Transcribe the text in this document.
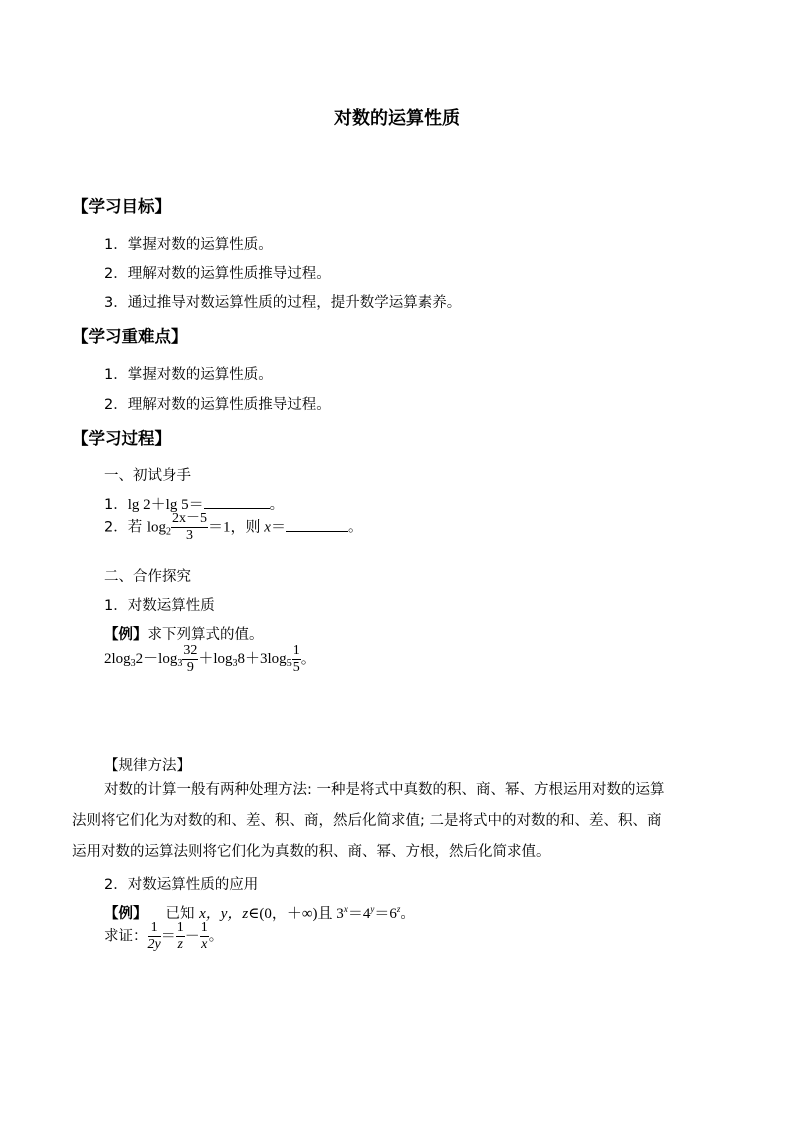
对数的运算性质
【学习目标】
1．掌握对数的运算性质。
2．理解对数的运算性质推导过程。
3．通过推导对数运算性质的过程，提升数学运算素养。
【学习重难点】
1．掌握对数的运算性质。
2．理解对数的运算性质推导过程。
【学习过程】
一、初试身手
1．lg 2＋lg 5＝	。
2．若 $\log_2 \frac{2x-5}{3} =1$，则 x＝	。
二、合作探究
1．对数运算性质
【例】求下列算式的值。
$2\log_32-\log_3 \frac{32}{9} +\log_38+3\log_5 \frac{1}{5}$ 。
【规律方法】
对数的计算一般有两种处理方法: 一种是将式中真数的积、商、幂、方根运用对数的运算
法则将它们化为对数的和、差、积、商，然后化简求值; 二是将式中的对数的和、差、积、商
运用对数的运算法则将它们化为真数的积、商、幂、方根，然后化简求值。
2．对数运算性质的应用
【例】 已知 x，y，z∈(0，＋∞)且 $3^x=4^y=6^z$。
求证： $\frac{1}{2y} = \frac{1}{z} - \frac{1}{x}$ 。
